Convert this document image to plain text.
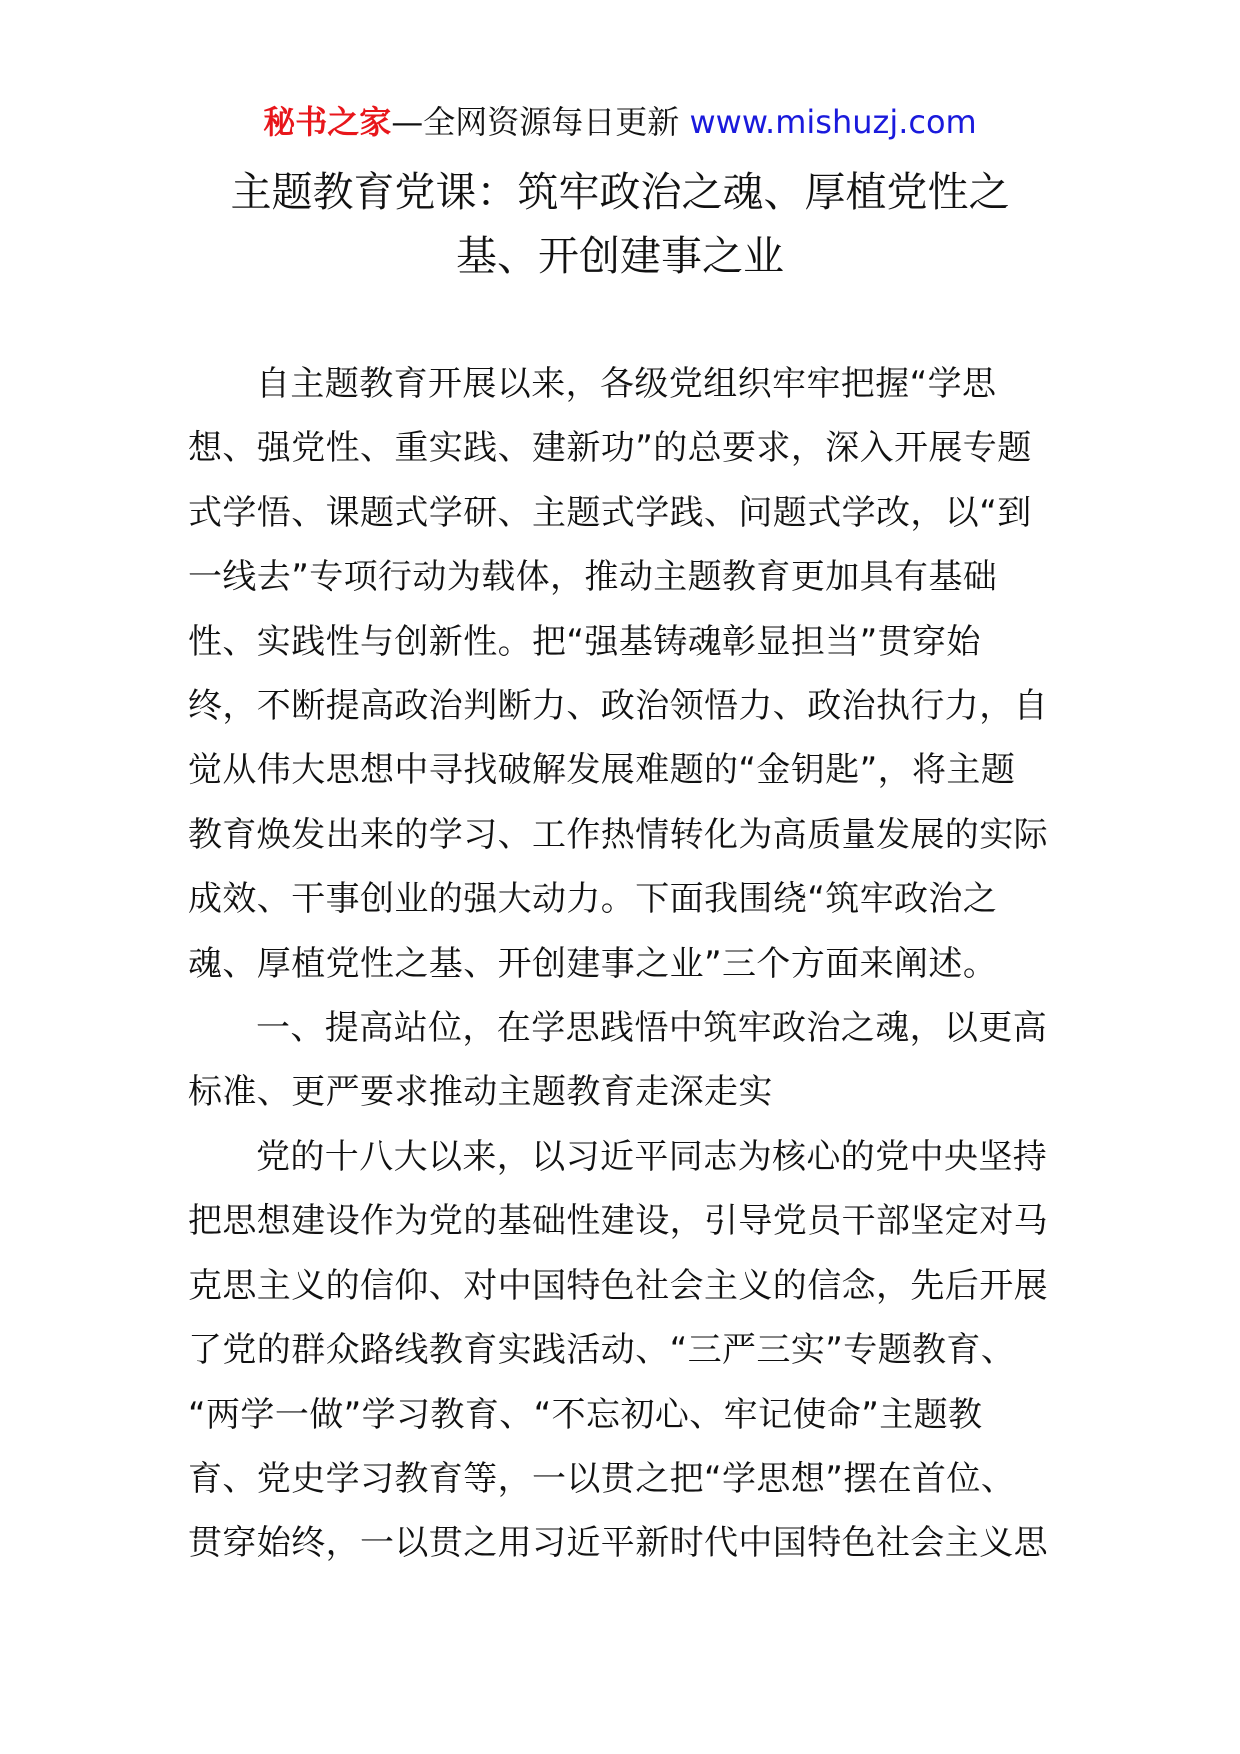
秘书之家—全网资源每日更新 www.mishuzj.com
主题教育党课：筑牢政治之魂、厚植党性之
基、开创建事之业

自主题教育开展以来，各级党组织牢牢把握“学思
想、强党性、重实践、建新功”的总要求，深入开展专题
式学悟、课题式学研、主题式学践、问题式学改，以“到
一线去”专项行动为载体，推动主题教育更加具有基础
性、实践性与创新性。把“强基铸魂彰显担当”贯穿始
终，不断提高政治判断力、政治领悟力、政治执行力，自
觉从伟大思想中寻找破解发展难题的“金钥匙”，将主题
教育焕发出来的学习、工作热情转化为高质量发展的实际
成效、干事创业的强大动力。下面我围绕“筑牢政治之
魂、厚植党性之基、开创建事之业”三个方面来阐述。

一、提高站位，在学思践悟中筑牢政治之魂，以更高
标准、更严要求推动主题教育走深走实

党的十八大以来，以习近平同志为核心的党中央坚持
把思想建设作为党的基础性建设，引导党员干部坚定对马
克思主义的信仰、对中国特色社会主义的信念，先后开展
了党的群众路线教育实践活动、“三严三实”专题教育、
“两学一做”学习教育、“不忘初心、牢记使命”主题教
育、党史学习教育等，一以贯之把“学思想”摆在首位、
贯穿始终，一以贯之用习近平新时代中国特色社会主义思
